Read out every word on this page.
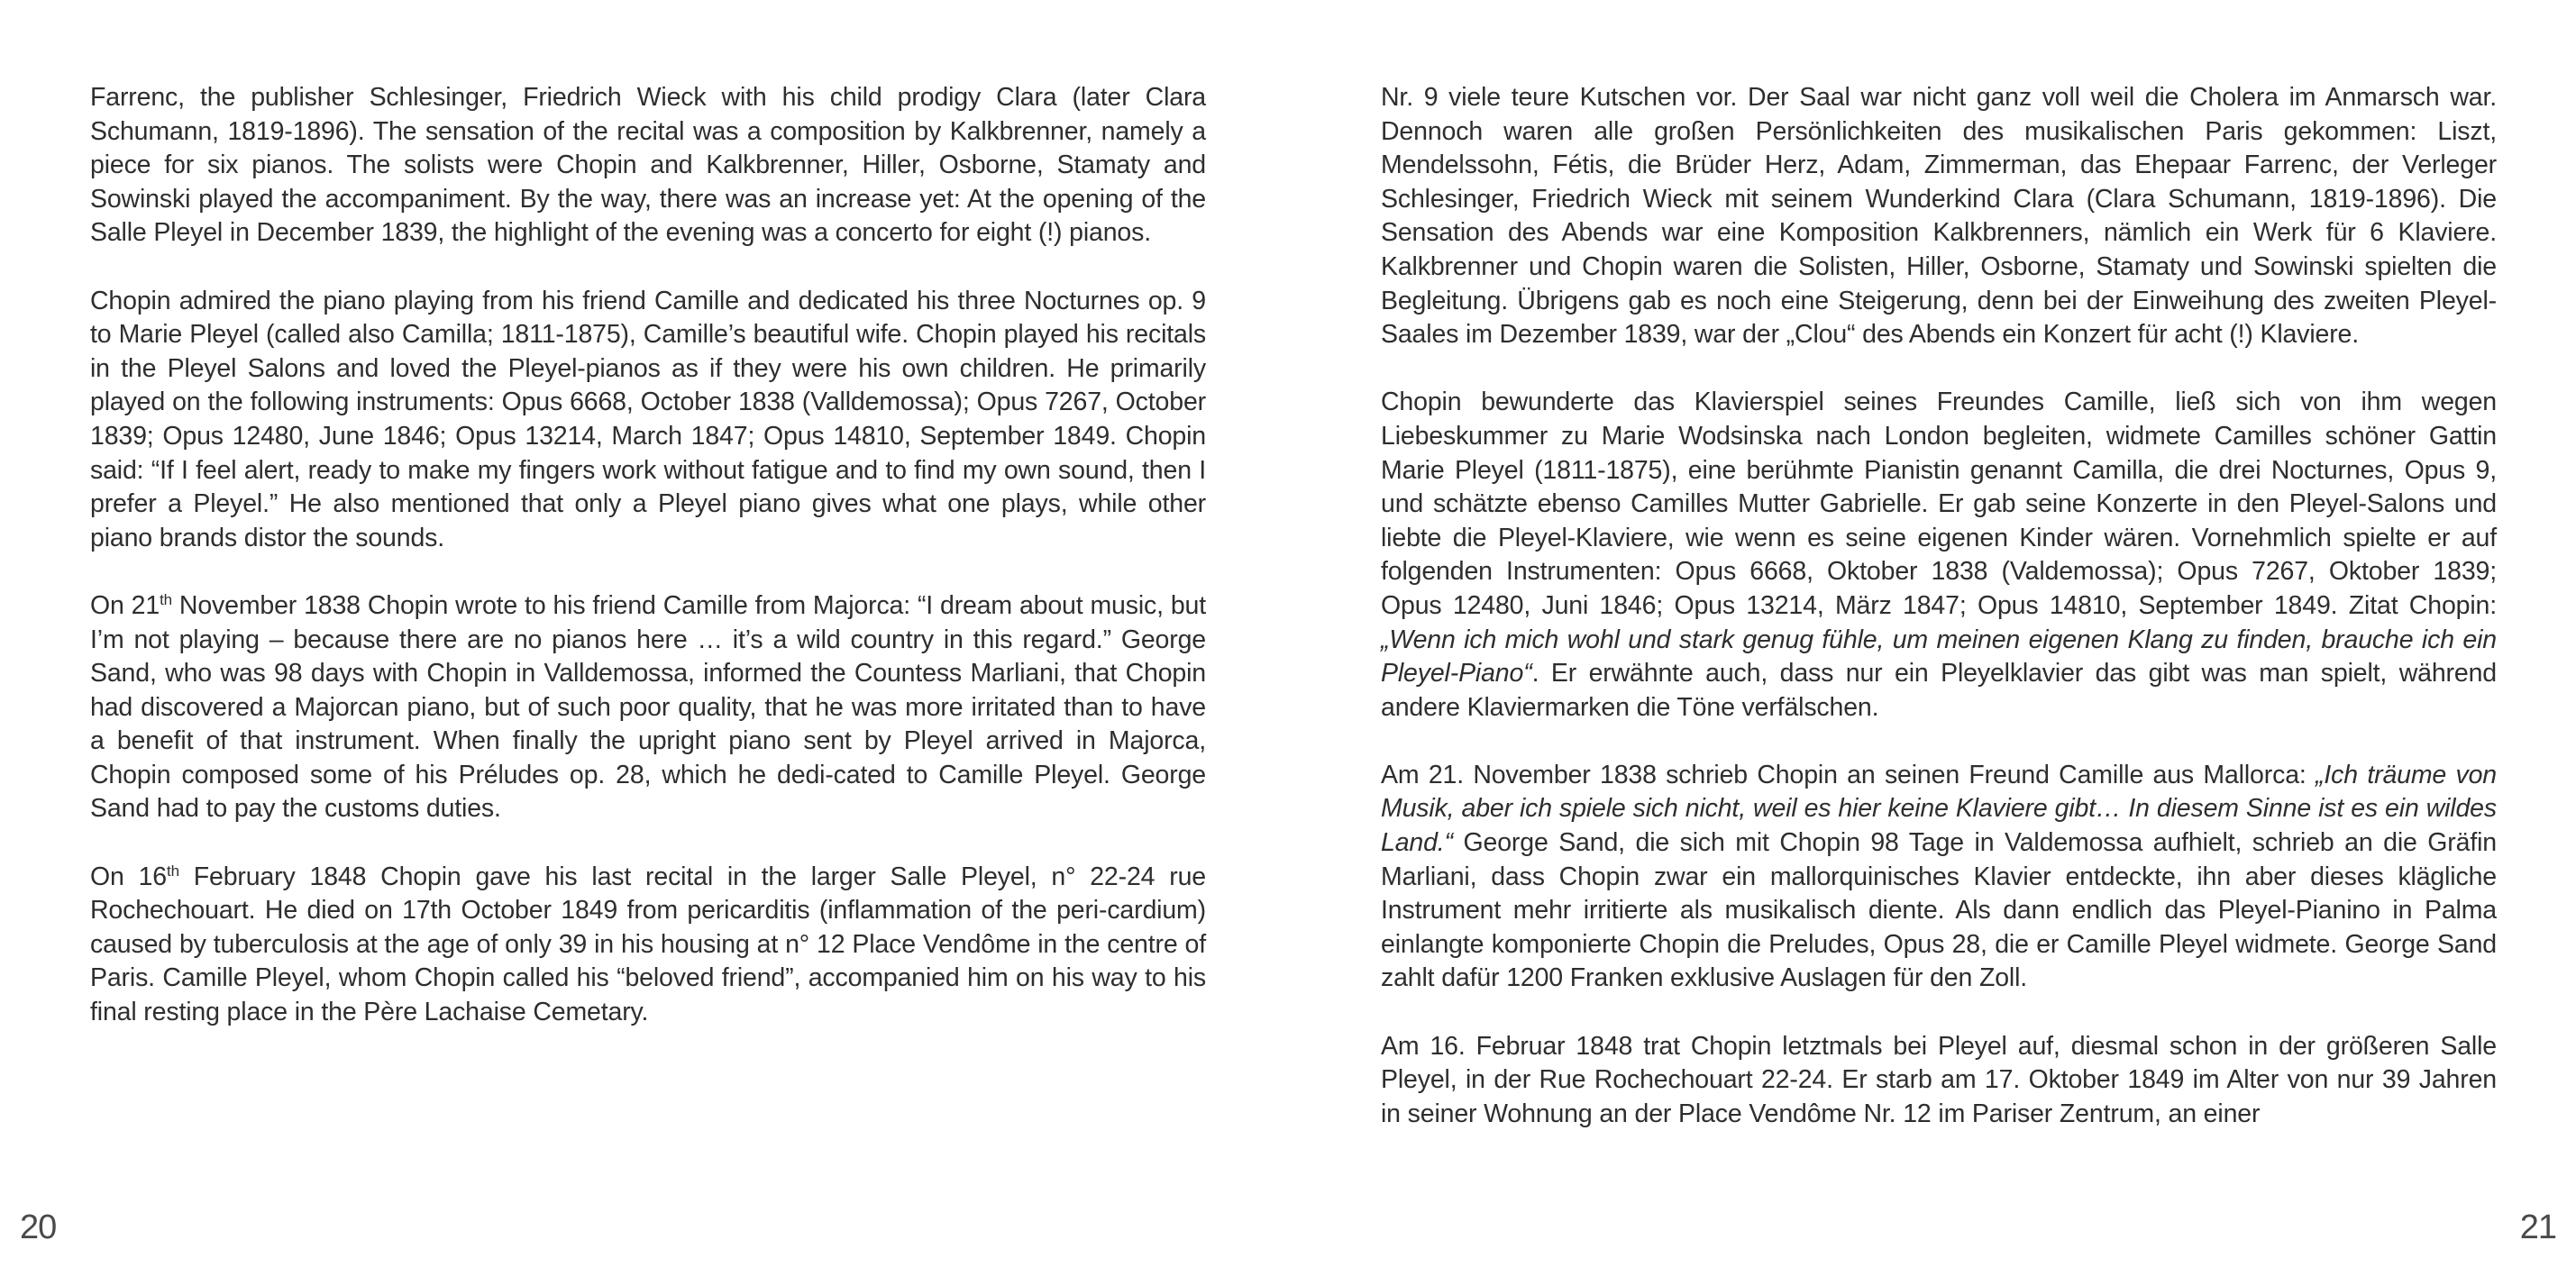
Farrenc, the publisher Schlesinger, Friedrich Wieck with his child prodigy Clara (later Clara Schumann, 1819-1896). The sensation of the recital was a composition by Kalkbrenner, namely a piece for six pianos. The solists were Chopin and Kalkbrenner, Hiller, Osborne, Stamaty and Sowinski played the accompaniment. By the way, there was an increase yet: At the opening of the Salle Pleyel in December 1839, the highlight of the evening was a concerto for eight (!) pianos.

Chopin admired the piano playing from his friend Camille and dedicated his three Nocturnes op. 9 to Marie Pleyel (called also Camilla; 1811-1875), Camille’s beautiful wife. Chopin played his recitals in the Pleyel Salons and loved the Pleyel-pianos as if they were his own children. He primarily played on the following instruments: Opus 6668, October 1838 (Valldemossa); Opus 7267, October 1839; Opus 12480, June 1846; Opus 13214, March 1847; Opus 14810, September 1849. Chopin said: “If I feel alert, ready to make my fingers work without fatigue and to find my own sound, then I prefer a Pleyel.” He also mentioned that only a Pleyel piano gives what one plays, while other piano brands distor the sounds.

On 21th November 1838 Chopin wrote to his friend Camille from Majorca: “I dream about music, but I’m not playing – because there are no pianos here … it’s a wild country in this regard.” George Sand, who was 98 days with Chopin in Valldemossa, informed the Countess Marliani, that Chopin had discovered a Majorcan piano, but of such poor quality, that he was more irritated than to have a benefit of that instrument. When finally the upright piano sent by Pleyel arrived in Majorca, Chopin composed some of his Préludes op. 28, which he dedi-cated to Camille Pleyel. George Sand had to pay the customs duties.

On 16th February 1848 Chopin gave his last recital in the larger Salle Pleyel, n° 22-24 rue Rochechouart. He died on 17th October 1849 from pericarditis (inflammation of the peri-cardium) caused by tuberculosis at the age of only 39 in his housing at n° 12 Place Vendôme in the centre of Paris. Camille Pleyel, whom Chopin called his “beloved friend”, accompanied him on his way to his final resting place in the Père Lachaise Cemetary.

20

Nr. 9 viele teure Kutschen vor. Der Saal war nicht ganz voll weil die Cholera im Anmarsch war. Dennoch waren alle großen Persönlichkeiten des musikalischen Paris gekommen: Liszt, Mendelssohn, Fétis, die Brüder Herz, Adam, Zimmerman, das Ehepaar Farrenc, der Verleger Schlesinger, Friedrich Wieck mit seinem Wunderkind Clara (Clara Schumann, 1819-1896). Die Sensation des Abends war eine Komposition Kalkbrenners, nämlich ein Werk für 6 Klaviere. Kalkbrenner und Chopin waren die Solisten, Hiller, Osborne, Stamaty und Sowinski spielten die Begleitung. Übrigens gab es noch eine Steigerung, denn bei der Einweihung des zweiten Pleyel-Saales im Dezember 1839, war der „Clou“ des Abends ein Konzert für acht (!) Klaviere.

Chopin bewunderte das Klavierspiel seines Freundes Camille, ließ sich von ihm wegen Liebeskummer zu Marie Wodsinska nach London begleiten, widmete Camilles schöner Gattin Marie Pleyel (1811-1875), eine berühmte Pianistin genannt Camilla, die drei Nocturnes, Opus 9, und schätzte ebenso Camilles Mutter Gabrielle. Er gab seine Konzerte in den Pleyel-Salons und liebte die Pleyel-Klaviere, wie wenn es seine eigenen Kinder wären. Vornehmlich spielte er auf folgenden Instrumenten: Opus 6668, Oktober 1838 (Valdemossa); Opus 7267, Oktober 1839; Opus 12480, Juni 1846; Opus 13214, März 1847; Opus 14810, September 1849. Zitat Chopin: „Wenn ich mich wohl und stark genug fühle, um meinen eigenen Klang zu finden, brauche ich ein Pleyel-Piano“. Er erwähnte auch, dass nur ein Pleyelklavier das gibt was man spielt, während andere Klaviermarken die Töne verfälschen.

Am 21. November 1838 schrieb Chopin an seinen Freund Camille aus Mallorca: „Ich träume von Musik, aber ich spiele sich nicht, weil es hier keine Klaviere gibt… In diesem Sinne ist es ein wildes Land.“ George Sand, die sich mit Chopin 98 Tage in Valdemossa aufhielt, schrieb an die Gräfin Marliani, dass Chopin zwar ein mallorquinisches Klavier entdeckte, ihn aber dieses klägliche Instrument mehr irritierte als musikalisch diente. Als dann endlich das Pleyel-Pianino in Palma einlangte komponierte Chopin die Preludes, Opus 28, die er Camille Pleyel widmete. George Sand zahlt dafür 1200 Franken exklusive Auslagen für den Zoll.

Am 16. Februar 1848 trat Chopin letztmals bei Pleyel auf, diesmal schon in der größeren Salle Pleyel, in der Rue Rochechouart 22-24. Er starb am 17. Oktober 1849 im Alter von nur 39 Jahren in seiner Wohnung an der Place Vendôme Nr. 12 im Pariser Zentrum, an einer

21
